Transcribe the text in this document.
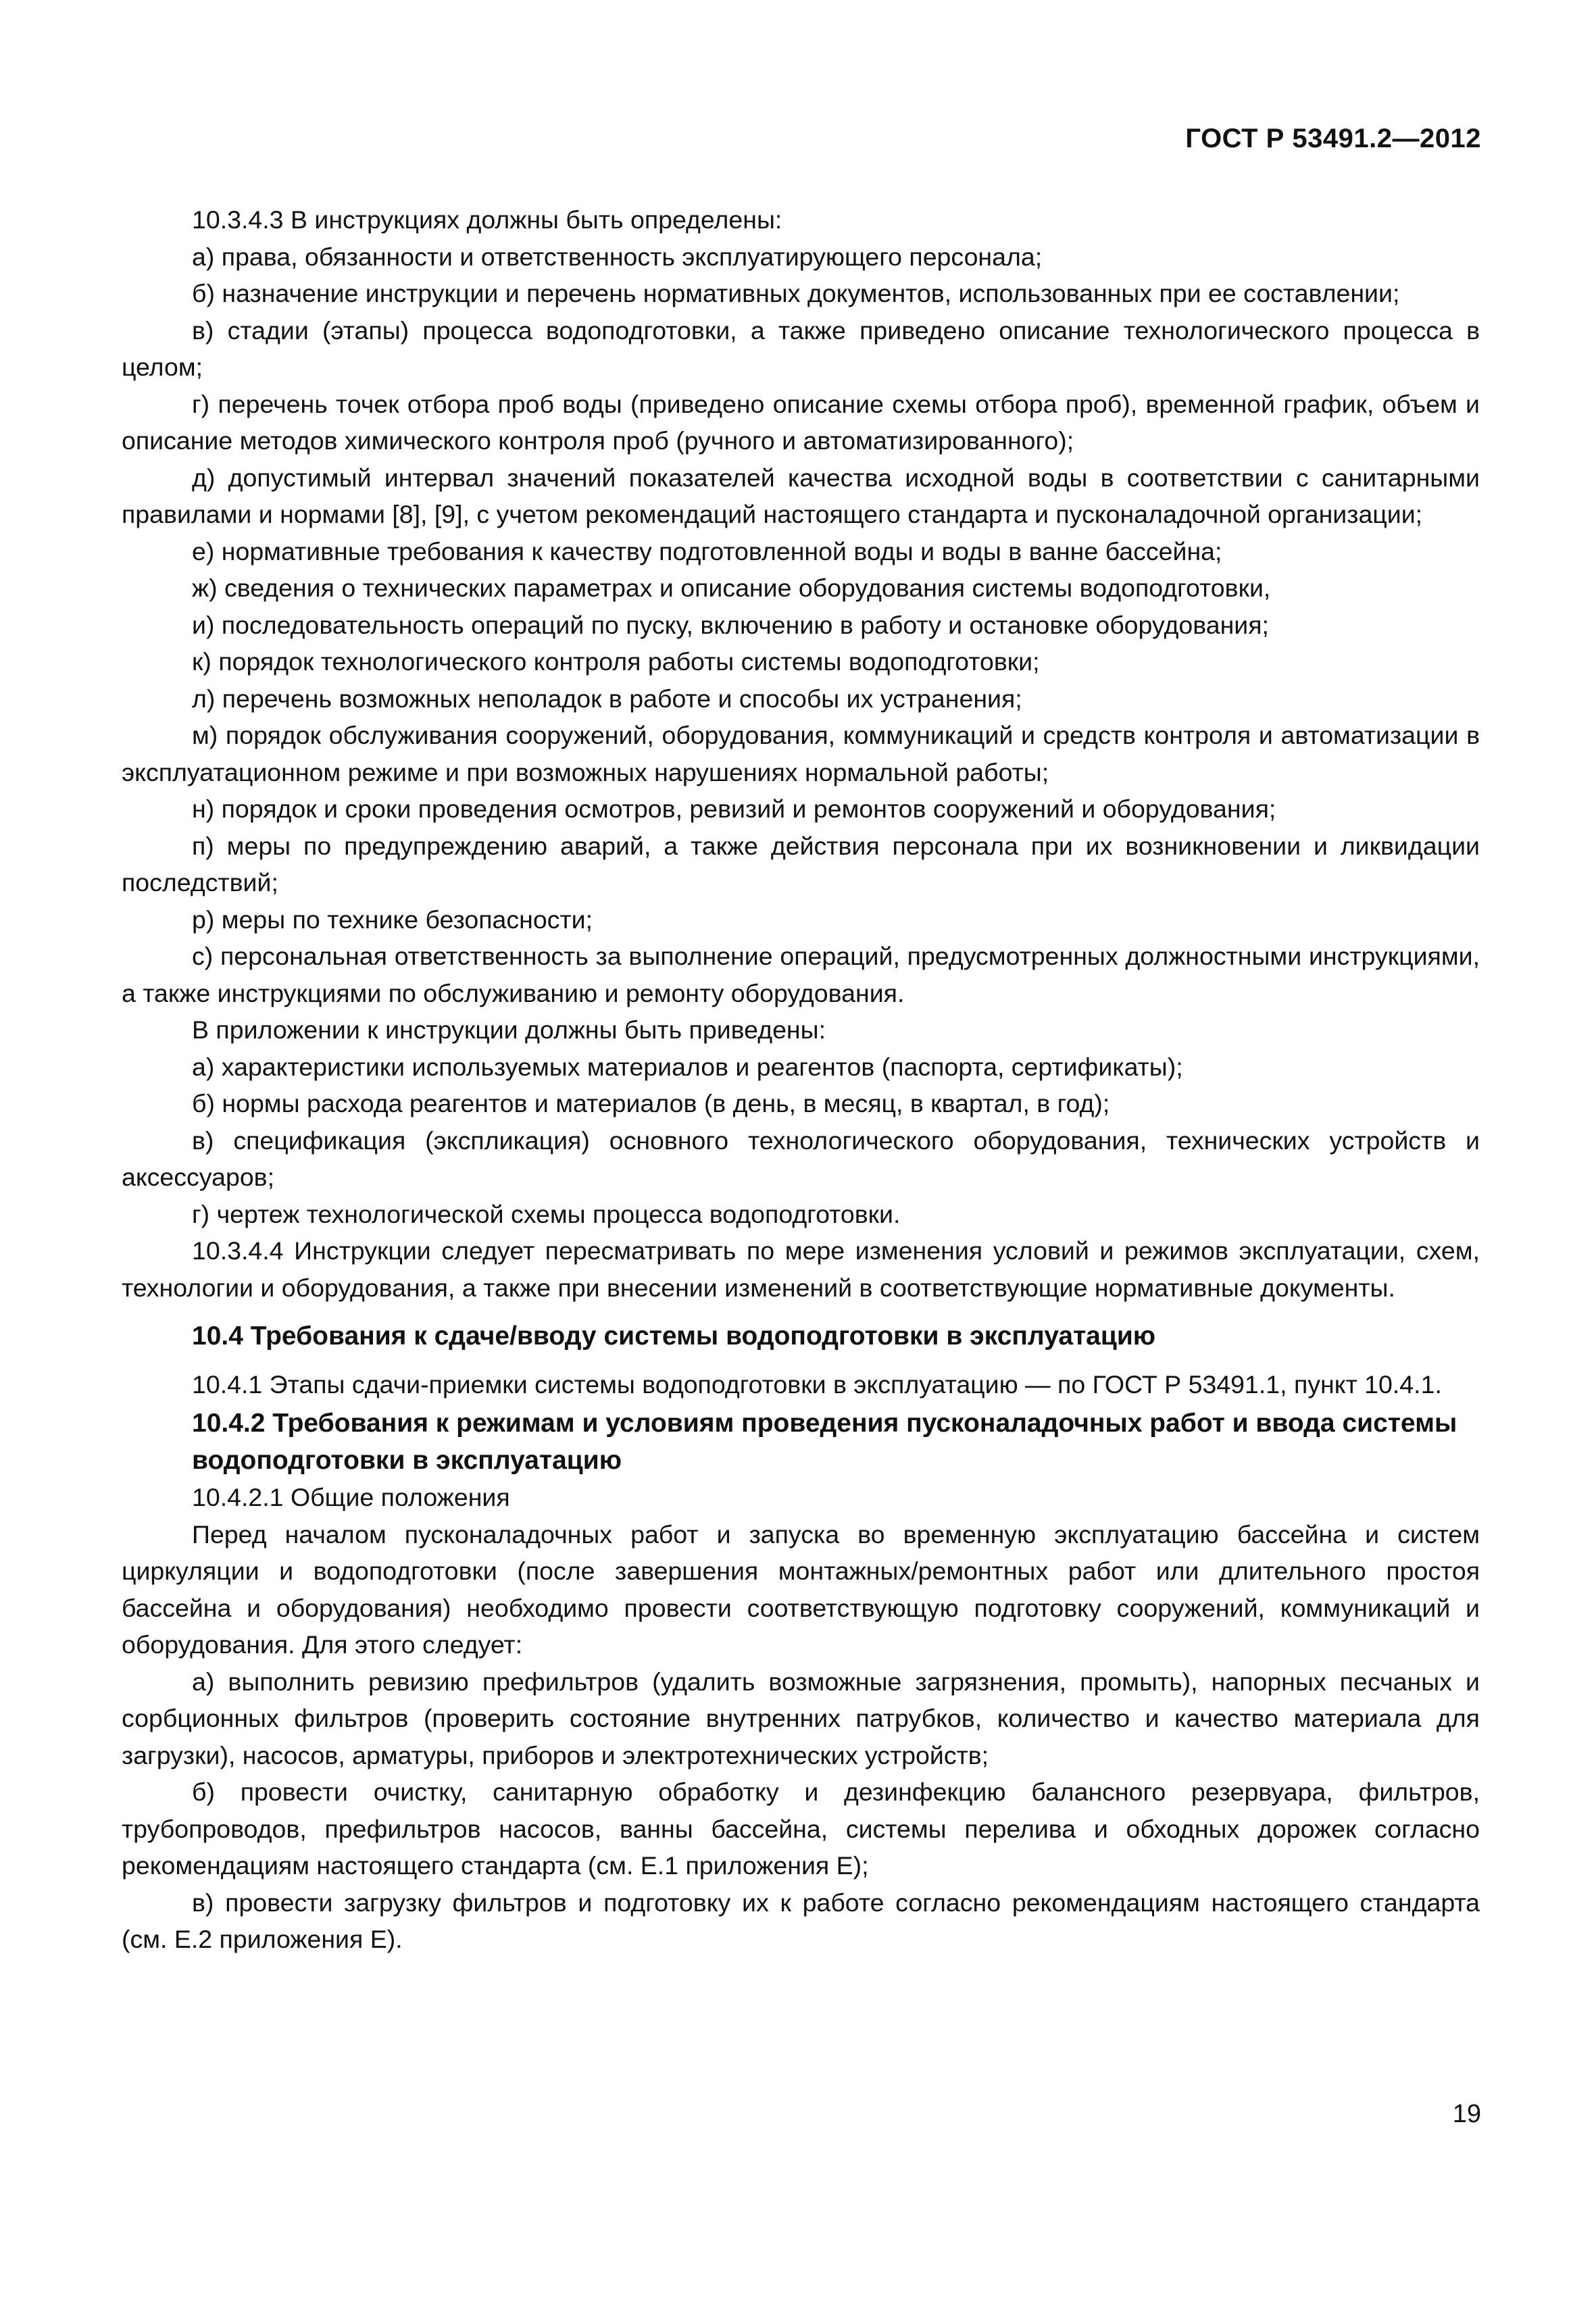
ГОСТ Р 53491.2—2012

10.3.4.3 В инструкциях должны быть определены:

а) права, обязанности и ответственность эксплуатирующего персонала;

б) назначение инструкции и перечень нормативных документов, использованных при ее составлении;

в) стадии (этапы) процесса водоподготовки, а также приведено описание технологического процесса в целом;

г) перечень точек отбора проб воды (приведено описание схемы отбора проб), временной график, объем и описание методов химического контроля проб (ручного и автоматизированного);

д) допустимый интервал значений показателей качества исходной воды в соответствии с санитарными правилами и нормами [8], [9], с учетом рекомендаций настоящего стандарта и пусконаладочной организации;

е) нормативные требования к качеству подготовленной воды и воды в ванне бассейна;

ж) сведения о технических параметрах и описание оборудования системы водоподготовки,

и) последовательность операций по пуску, включению в работу и остановке оборудования;

к) порядок технологического контроля работы системы водоподготовки;

л) перечень возможных неполадок в работе и способы их устранения;

м) порядок обслуживания сооружений, оборудования, коммуникаций и средств контроля и автоматизации в эксплуатационном режиме и при возможных нарушениях нормальной работы;

н) порядок и сроки проведения осмотров, ревизий и ремонтов сооружений и оборудования;

п) меры по предупреждению аварий, а также действия персонала при их возникновении и ликвидации последствий;

р) меры по технике безопасности;

с) персональная ответственность за выполнение операций, предусмотренных должностными инструкциями, а также инструкциями по обслуживанию и ремонту оборудования.

В приложении к инструкции должны быть приведены:

а) характеристики используемых материалов и реагентов (паспорта, сертификаты);

б) нормы расхода реагентов и материалов (в день, в месяц, в квартал, в год);

в) спецификация (экспликация) основного технологического оборудования, технических устройств и аксессуаров;

г) чертеж технологической схемы процесса водоподготовки.

10.3.4.4 Инструкции следует пересматривать по мере изменения условий и режимов эксплуатации, схем, технологии и оборудования, а также при внесении изменений в соответствующие нормативные документы.

10.4 Требования к сдаче/вводу системы водоподготовки в эксплуатацию

10.4.1 Этапы сдачи-приемки системы водоподготовки в эксплуатацию — по ГОСТ Р 53491.1, пункт 10.4.1.

10.4.2 Требования к режимам и условиям проведения пусконаладочных работ и ввода системы водоподготовки в эксплуатацию

10.4.2.1 Общие положения

Перед началом пусконаладочных работ и запуска во временную эксплуатацию бассейна и систем циркуляции и водоподготовки (после завершения монтажных/ремонтных работ или длительного простоя бассейна и оборудования) необходимо провести соответствующую подготовку сооружений, коммуникаций и оборудования. Для этого следует:

а) выполнить ревизию префильтров (удалить возможные загрязнения, промыть), напорных песчаных и сорбционных фильтров (проверить состояние внутренних патрубков, количество и качество материала для загрузки), насосов, арматуры, приборов и электротехнических устройств;

б) провести очистку, санитарную обработку и дезинфекцию балансного резервуара, фильтров, трубопроводов, префильтров насосов, ванны бассейна, системы перелива и обходных дорожек согласно рекомендациям настоящего стандарта (см. Е.1 приложения Е);

в) провести загрузку фильтров и подготовку их к работе согласно рекомендациям настоящего стандарта (см. Е.2 приложения Е).

19
